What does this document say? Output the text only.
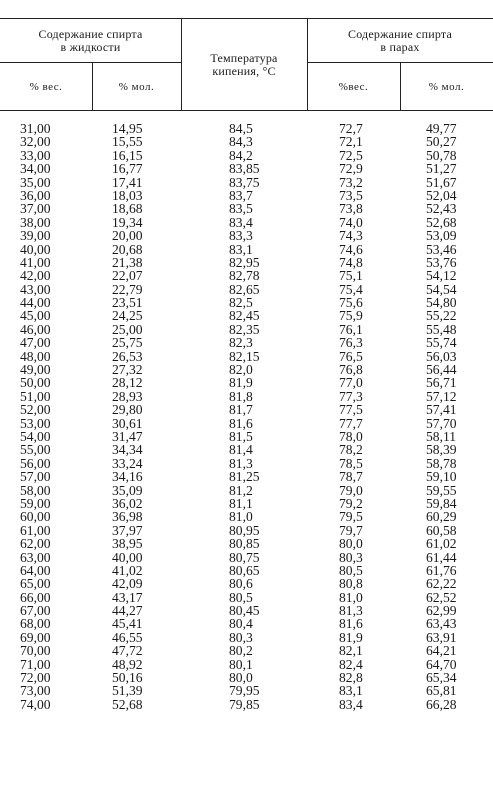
Содержание спирта
в жидкости
Температура
кипения, °С
Содержание спирта
в парах
% вес.	% мол.	%вес.	% мол.
31,00	14,95	84,5	72,7	49,77

32,00	15,55	84,3	72,1	50,27

33,00	16,15	84,2	72,5	50,78

34,00	16,77	83,85	72,9	51,27

35,00	17,41	83,75	73,2	51,67

36,00	18,03	83,7	73,5	52,04

37,00	18,68	83,5	73,8	52,43

38,00	19,34	83,4	74,0	52,68

39,00	20,00	83,3	74,3	53,09

40,00	20,68	83,1	74,6	53,46

41,00	21,38	82,95	74,8	53,76

42,00	22,07	82,78	75,1	54,12

43,00	22,79	82,65	75,4	54,54

44,00	23,51	82,5	75,6	54,80

45,00	24,25	82,45	75,9	55,22

46,00	25,00	82,35	76,1	55,48

47,00	25,75	82,3	76,3	55,74

48,00	26,53	82,15	76,5	56,03

49,00	27,32	82,0	76,8	56,44

50,00	28,12	81,9	77,0	56,71

51,00	28,93	81,8	77,3	57,12

52,00	29,80	81,7	77,5	57,41

53,00	30,61	81,6	77,7	57,70

54,00	31,47	81,5	78,0	58,11

55,00	34,34	81,4	78,2	58,39

56,00	33,24	81,3	78,5	58,78

57,00	34,16	81,25	78,7	59,10

58,00	35,09	81,2	79,0	59,55

59,00	36,02	81,1	79,2	59,84

60,00	36,98	81,0	79,5	60,29

61,00	37,97	80,95	79,7	60,58

62,00	38,95	80,85	80,0	61,02

63,00	40,00	80,75	80,3	61,44

64,00	41,02	80,65	80,5	61,76

65,00	42,09	80,6	80,8	62,22

66,00	43,17	80,5	81,0	62,52

67,00	44,27	80,45	81,3	62,99

68,00	45,41	80,4	81,6	63,43

69,00	46,55	80,3	81,9	63,91

70,00	47,72	80,2	82,1	64,21

71,00	48,92	80,1	82,4	64,70

72,00	50,16	80,0	82,8	65,34

73,00	51,39	79,95	83,1	65,81

74,00	52,68	79,85	83,4	66,28
